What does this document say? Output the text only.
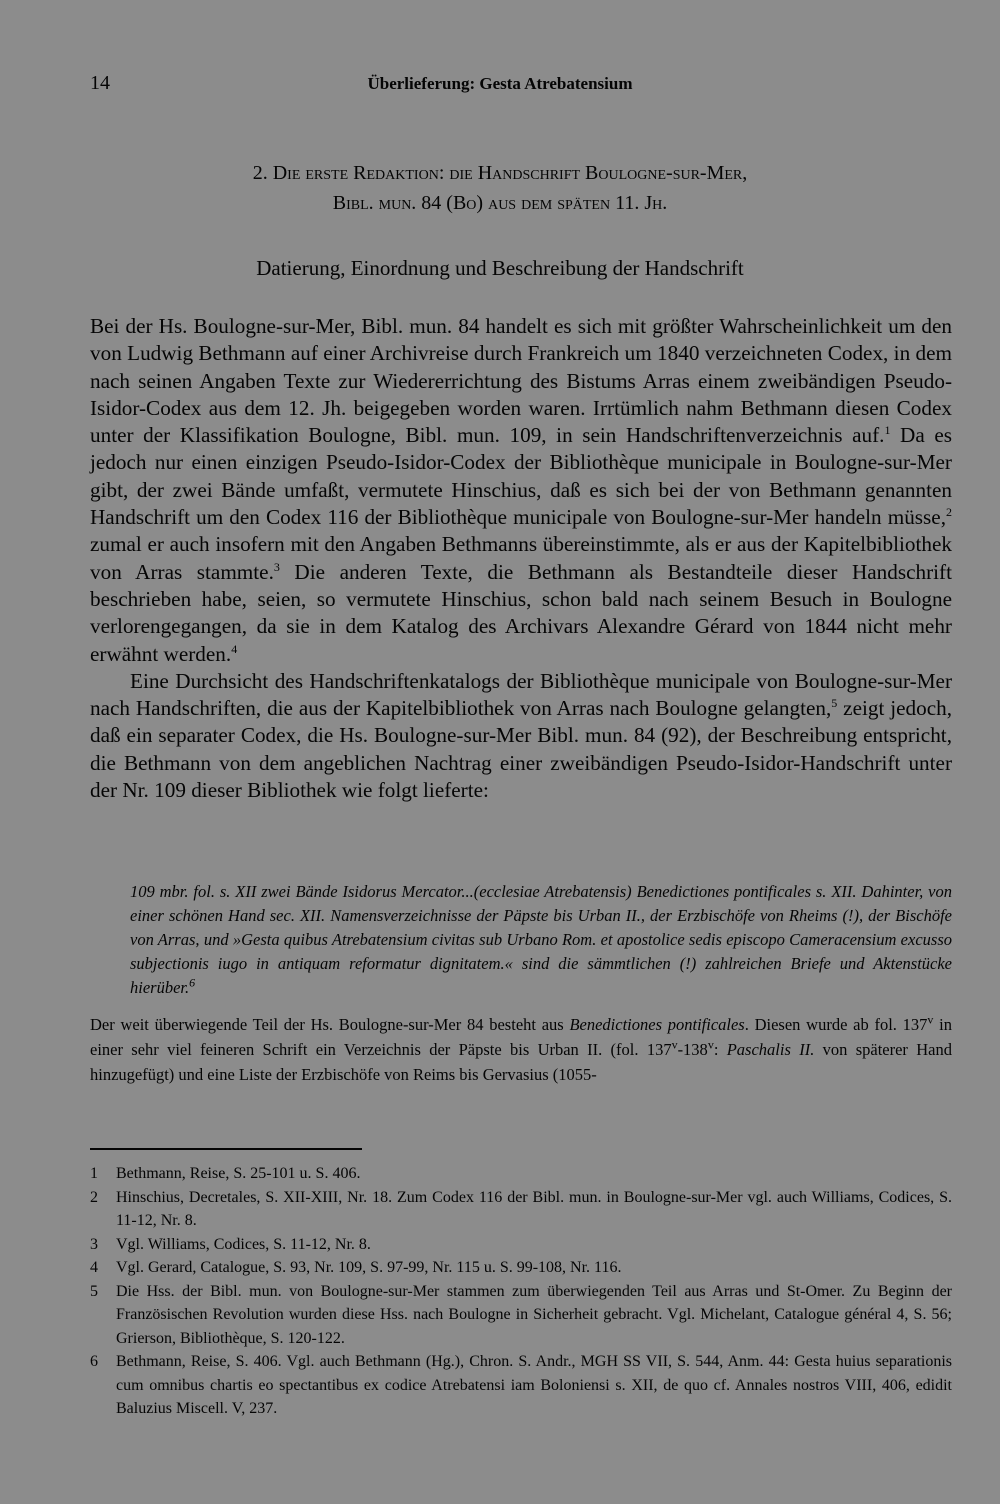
14	Überlieferung: Gesta Atrebatensium
2. Die erste Redaktion: die Handschrift Boulogne-sur-Mer,
Bibl. mun. 84 (Bo) aus dem späten 11. Jh.
Datierung, Einordnung und Beschreibung der Handschrift

Bei der Hs. Boulogne-sur-Mer, Bibl. mun. 84 handelt es sich mit größter Wahrscheinlichkeit um den von Ludwig Bethmann auf einer Archivreise durch Frankreich um 1840 verzeichneten Codex, in dem nach seinen Angaben Texte zur Wiedererrichtung des Bistums Arras einem zweibändigen Pseudo-Isidor-Codex aus dem 12. Jh. beigegeben worden waren. Irrtümlich nahm Bethmann diesen Codex unter der Klassifikation Boulogne, Bibl. mun. 109, in sein Handschriftenverzeichnis auf.$^1$ Da es jedoch nur einen einzigen Pseudo-Isidor-Codex der Bibliothèque municipale in Boulogne-sur-Mer gibt, der zwei Bände umfaßt, vermutete Hinschius, daß es sich bei der von Bethmann genannten Handschrift um den Codex 116 der Bibliothèque municipale von Boulogne-sur-Mer handeln müsse,$^2$ zumal er auch insofern mit den Angaben Bethmanns übereinstimmte, als er aus der Kapitelbibliothek von Arras stammte.$^3$ Die anderen Texte, die Bethmann als Bestandteile dieser Handschrift beschrieben habe, seien, so vermutete Hinschius, schon bald nach seinem Besuch in Boulogne verlorengegangen, da sie in dem Katalog des Archivars Alexandre Gérard von 1844 nicht mehr erwähnt werden.$^4$

Eine Durchsicht des Handschriftenkatalogs der Bibliothèque municipale von Boulogne-sur-Mer nach Handschriften, die aus der Kapitelbibliothek von Arras nach Boulogne gelangten,$^5$ zeigt jedoch, daß ein separater Codex, die Hs. Boulogne-sur-Mer Bibl. mun. 84 (92), der Beschreibung entspricht, die Bethmann von dem angeblichen Nachtrag einer zweibändigen Pseudo-Isidor-Handschrift unter der Nr. 109 dieser Bibliothek wie folgt lieferte:

109 mbr. fol. s. XII zwei Bände Isidorus Mercator...(ecclesiae Atrebatensis) Benedictiones pontificales s. XII. Dahinter, von einer schönen Hand sec. XII. Namensverzeichnisse der Päpste bis Urban II., der Erzbischöfe von Rheims (!), der Bischöfe von Arras, und »Gesta quibus Atrebatensium civitas sub Urbano Rom. et apostolice sedis episcopo Cameracensium excusso subjectionis iugo in antiquam reformatur dignitatem.« sind die sämmtlichen (!) zahlreichen Briefe und Aktenstücke hierüber.$^6$
Der weit überwiegende Teil der Hs. Boulogne-sur-Mer 84 besteht aus Benedictiones pontificales. Diesen wurde ab fol. 137$^v$ in einer sehr viel feineren Schrift ein Verzeichnis der Päpste bis Urban II. (fol. 137$^v$-138$^v$: Paschalis II. von späterer Hand hinzugefügt) und eine Liste der Erzbischöfe von Reims bis Gervasius (1055-
1	Bethmann, Reise, S. 25-101 u. S. 406.
2	Hinschius, Decretales, S. XII-XIII, Nr. 18. Zum Codex 116 der Bibl. mun. in Boulogne-sur-Mer vgl. auch Williams, Codices, S. 11-12, Nr. 8.
3	Vgl. Williams, Codices, S. 11-12, Nr. 8.
4	Vgl. Gerard, Catalogue, S. 93, Nr. 109, S. 97-99, Nr. 115 u. S. 99-108, Nr. 116.
5	Die Hss. der Bibl. mun. von Boulogne-sur-Mer stammen zum überwiegenden Teil aus Arras und St-Omer. Zu Beginn der Französischen Revolution wurden diese Hss. nach Boulogne in Sicherheit gebracht. Vgl. Michelant, Catalogue général 4, S. 56; Grierson, Bibliothèque, S. 120-122.
6	Bethmann, Reise, S. 406. Vgl. auch Bethmann (Hg.), Chron. S. Andr., MGH SS VII, S. 544, Anm. 44: Gesta huius separationis cum omnibus chartis eo spectantibus ex codice Atrebatensi iam Boloniensi s. XII, de quo cf. Annales nostros VIII, 406, edidit Baluzius Miscell. V, 237.
